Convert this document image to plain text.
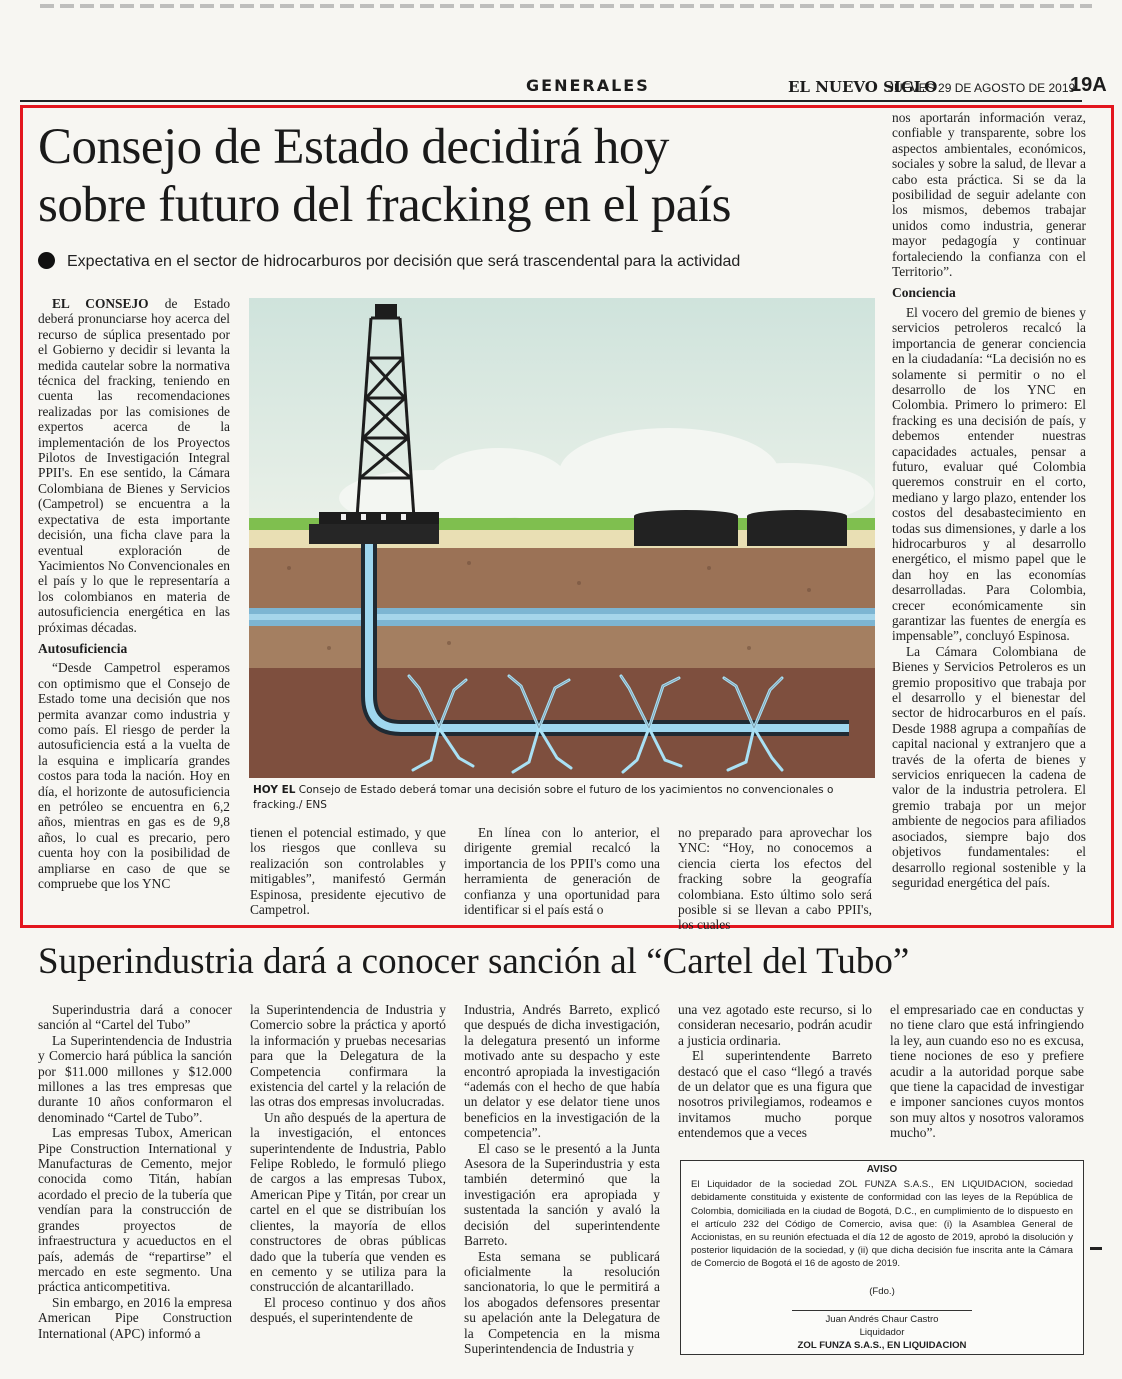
GENERALES	EL NUEVO SIGLO
JUEVES 29 DE AGOSTO DE 2019
19A
Consejo de Estado decidirá hoy
sobre futuro del fracking en el país
Expectativa en el sector de hidrocarburos por decisión que será trascendental para la actividad

EL CONSEJO de Estado deberá pronunciarse hoy acerca del recurso de súplica presentado por el Gobierno y decidir si levanta la medida cautelar sobre la normativa técnica del fracking, teniendo en cuenta las recomendaciones realizadas por las comisiones de expertos acerca de la implementación de los Proyectos Pilotos de Investigación Integral PPII's. En ese sentido, la Cámara Colombiana de Bienes y Servicios (Campetrol) se encuentra a la expectativa de esta importante decisión, una ficha clave para la eventual exploración de Yacimientos No Convencionales en el país y lo que le representaría a los colombianos en materia de autosuficiencia energética en las próximas décadas.

Autosuficiencia

“Desde Campetrol esperamos con optimismo que el Consejo de Estado tome una decisión que nos permita avanzar como industria y como país. El riesgo de perder la autosuficiencia está a la vuelta de la esquina e implicaría grandes costos para toda la nación. Hoy en día, el horizonte de autosuficiencia en petróleo se encuentra en 6,2 años, mientras en gas es de 9,8 años, lo cual es precario, pero cuenta hoy con la posibilidad de ampliarse en caso de que se compruebe que los YNC

HOY EL Consejo de Estado deberá tomar una decisión sobre el futuro de los yacimientos no convencionales o fracking./ ENS

tienen el potencial estimado, y que los riesgos que conlleva su realización son controlables y mitigables”, manifestó Germán Espinosa, presidente ejecutivo de Campetrol.

En línea con lo anterior, el dirigente gremial recalcó la importancia de los PPII's como una herramienta de generación de confianza y una oportunidad para identificar si el país está o

no preparado para aprovechar los YNC: “Hoy, no conocemos a ciencia cierta los efectos del fracking sobre la geografía colombiana. Esto último solo será posible si se llevan a cabo PPII's, los cuales

nos aportarán información veraz, confiable y transparente, sobre los aspectos ambientales, económicos, sociales y sobre la salud, de llevar a cabo esta práctica. Si se da la posibilidad de seguir adelante con los mismos, debemos trabajar unidos como industria, generar mayor pedagogía y continuar fortaleciendo la confianza con el Territorio”.

Conciencia

El vocero del gremio de bienes y servicios petroleros recalcó la importancia de generar conciencia en la ciudadanía: “La decisión no es solamente si permitir o no el desarrollo de los YNC en Colombia. Primero lo primero: El fracking es una decisión de país, y debemos entender nuestras capacidades actuales, pensar a futuro, evaluar qué Colombia queremos construir en el corto, mediano y largo plazo, entender los costos del desabastecimiento en todas sus dimensiones, y darle a los hidrocarburos y al desarrollo energético, el mismo papel que le dan hoy en las economías desarrolladas. Para Colombia, crecer económicamente sin garantizar las fuentes de energía es impensable”, concluyó Espinosa.

La Cámara Colombiana de Bienes y Servicios Petroleros es un gremio propositivo que trabaja por el desarrollo y el bienestar del sector de hidrocarburos en el país. Desde 1988 agrupa a compañías de capital nacional y extranjero que a través de la oferta de bienes y servicios enriquecen la cadena de valor de la industria petrolera. El gremio trabaja por un mejor ambiente de negocios para afiliados asociados, siempre bajo dos objetivos fundamentales: el desarrollo regional sostenible y la seguridad energética del país.

Superindustria dará a conocer sanción al “Cartel del Tubo”

Superindustria dará a conocer sanción al “Cartel del Tubo”

La Superintendencia de Industria y Comercio hará pública la sanción por $11.000 millones y $12.000 millones a las tres empresas que durante 10 años conformaron el denominado “Cartel de Tubo”.

Las empresas Tubox, American Pipe Construction International y Manufacturas de Cemento, mejor conocida como Titán, habían acordado el precio de la tubería que vendían para la construcción de grandes proyectos de infraestructura y acueductos en el país, además de “repartirse” el mercado en este segmento. Una práctica anticompetitiva.

Sin embargo, en 2016 la empresa American Pipe Construction International (APC) informó a

la Superintendencia de Industria y Comercio sobre la práctica y aportó la información y pruebas necesarias para que la Delegatura de la Competencia confirmara la existencia del cartel y la relación de las otras dos empresas involucradas.

Un año después de la apertura de la investigación, el entonces superintendente de Industria, Pablo Felipe Robledo, le formuló pliego de cargos a las empresas Tubox, American Pipe y Titán, por crear un cartel en el que se distribuían los clientes, la mayoría de ellos constructores de obras públicas dado que la tubería que venden es en cemento y se utiliza para la construcción de alcantarillado.

El proceso continuo y dos años después, el superintendente de

Industria, Andrés Barreto, explicó que después de dicha investigación, la delegatura presentó un informe motivado ante su despacho y este encontró apropiada la investigación “además con el hecho de que había un delator y ese delator tiene unos beneficios en la investigación de la competencia”.

El caso se le presentó a la Junta Asesora de la Superindustria y esta también determinó que la investigación era apropiada y sustentada la sanción y avaló la decisión del superintendente Barreto.

Esta semana se publicará oficialmente la resolución sancionatoria, lo que le permitirá a los abogados defensores presentar su apelación ante la Delegatura de la Competencia en la misma Superintendencia de Industria y

una vez agotado este recurso, si lo consideran necesario, podrán acudir a justicia ordinaria.

El superintendente Barreto destacó que el caso “llegó a través de un delator que es una figura que nosotros privilegiamos, rodeamos e invitamos mucho porque entendemos que a veces

el empresariado cae en conductas y no tiene claro que está infringiendo la ley, aun cuando eso no es excusa, tiene nociones de eso y prefiere acudir a la autoridad porque sabe que tiene la capacidad de investigar e imponer sanciones cuyos montos son muy altos y nosotros valoramos mucho”.

AVISO
El Liquidador de la sociedad ZOL FUNZA S.A.S., EN LIQUIDACION, sociedad debidamente constituida y existente de conformidad con las leyes de la República de Colombia, domiciliada en la ciudad de Bogotá, D.C., en cumplimiento de lo dispuesto en el artículo 232 del Código de Comercio, avisa que: (i) la Asamblea General de Accionistas, en su reunión efectuada el día 12 de agosto de 2019, aprobó la disolución y posterior liquidación de la sociedad, y (ii) que dicha decisión fue inscrita ante la Cámara de Comercio de Bogotá el 16 de agosto de 2019.
(Fdo.)
Juan Andrés Chaur Castro
Liquidador
ZOL FUNZA S.A.S., EN LIQUIDACION
